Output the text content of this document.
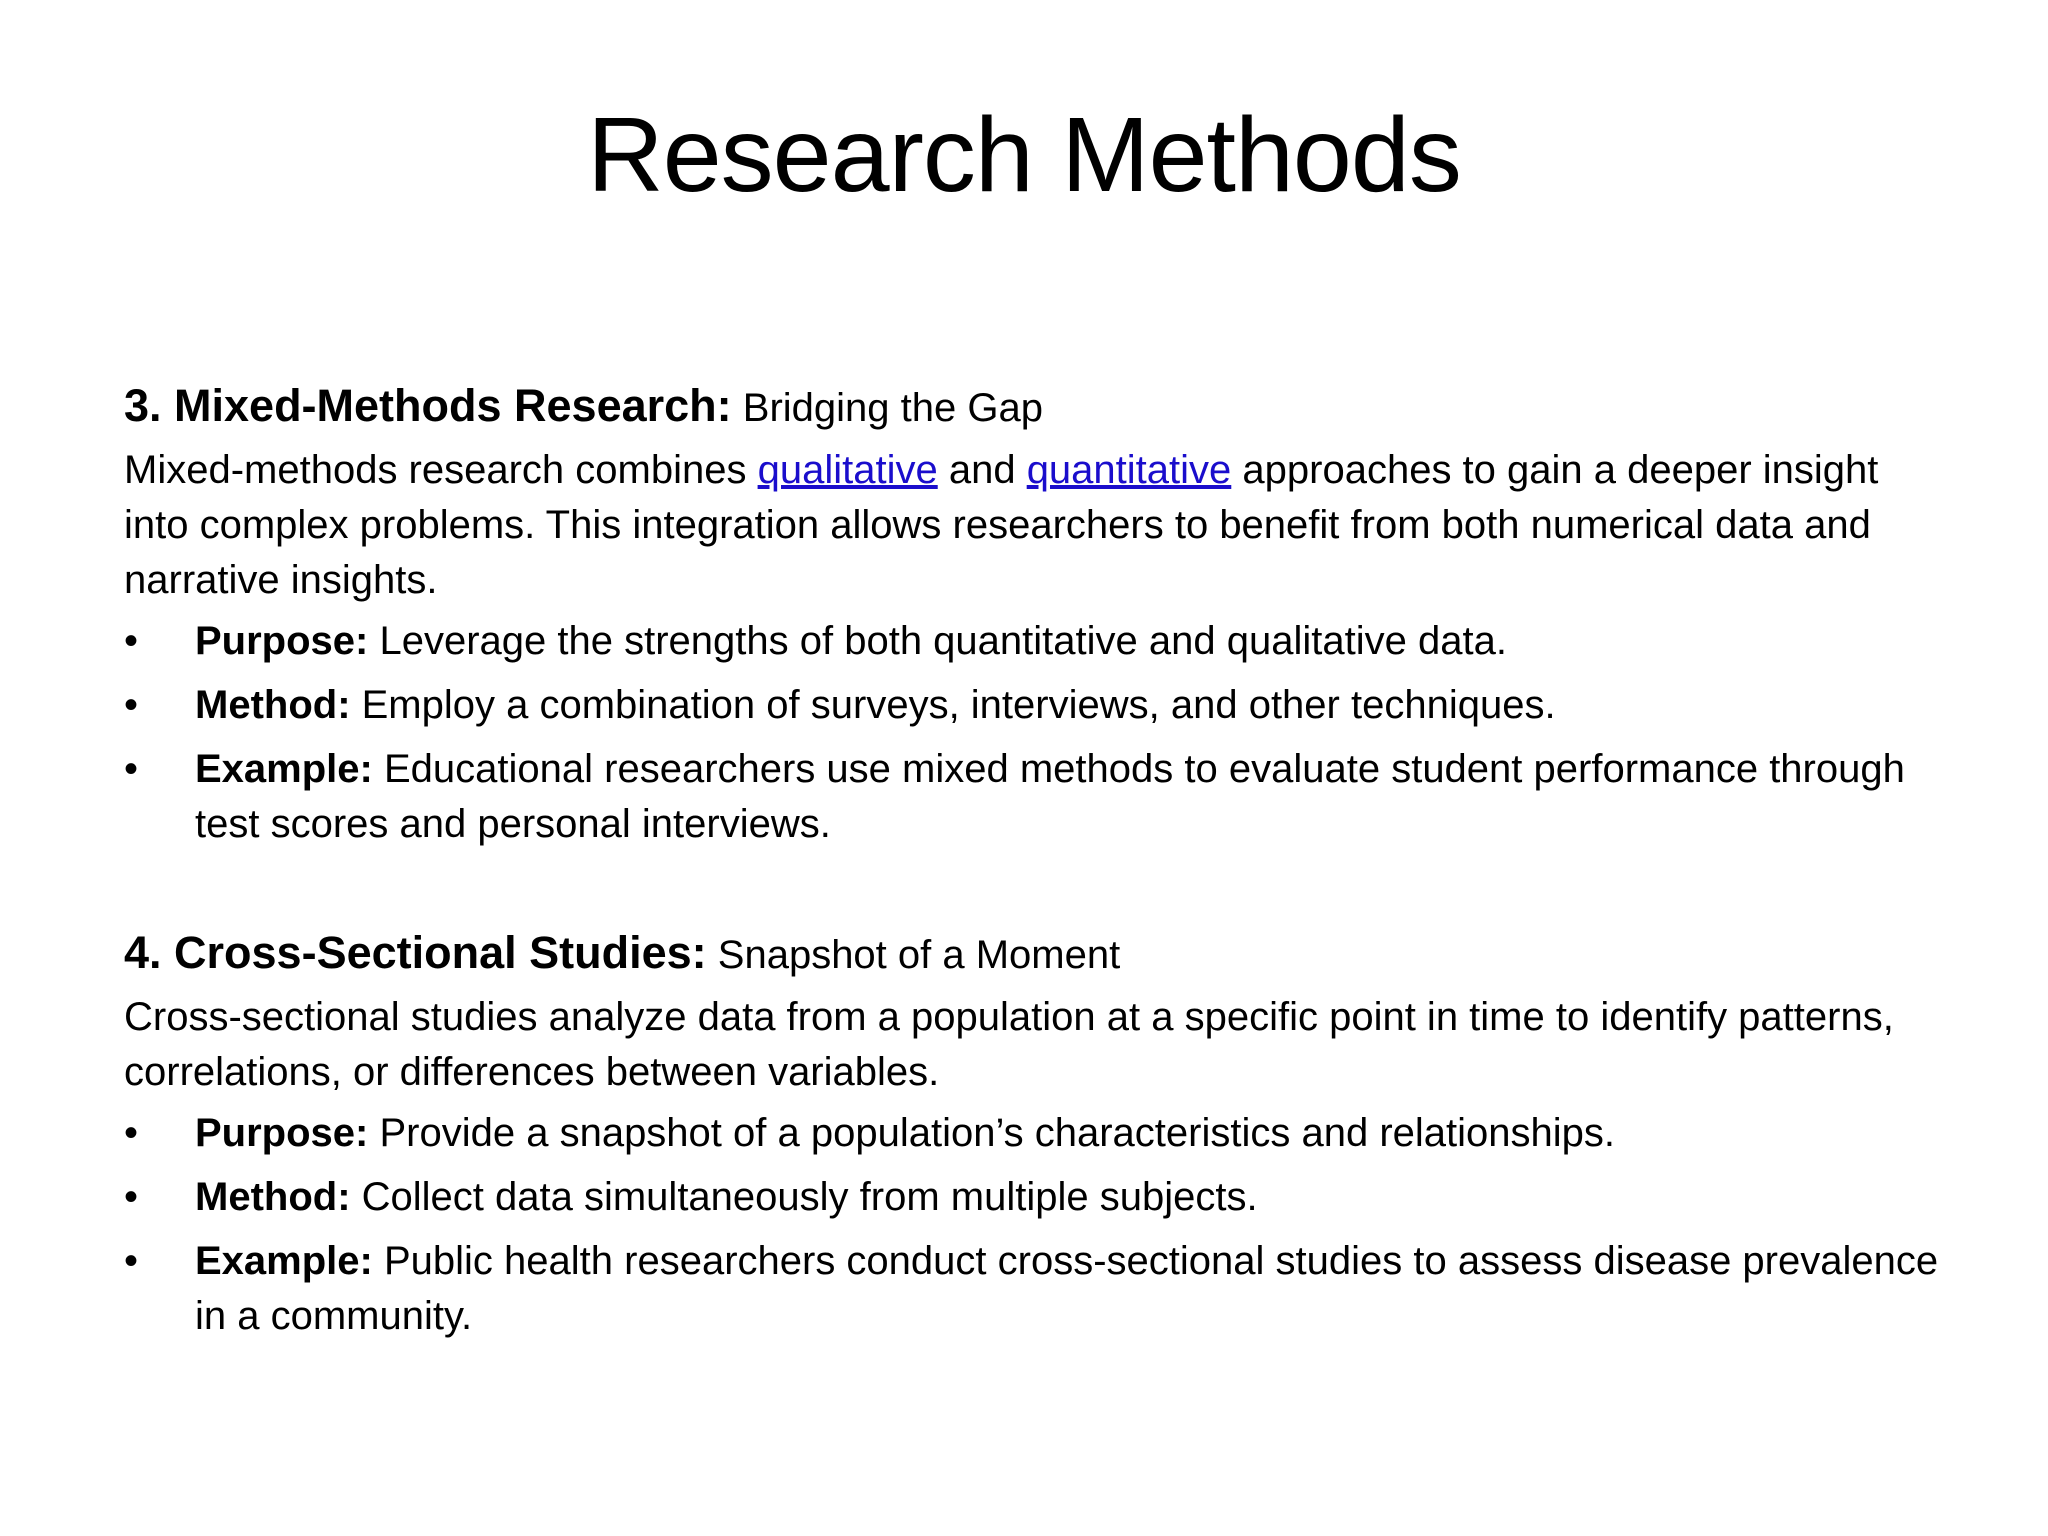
Research Methods

3. Mixed-Methods Research: Bridging the Gap

Mixed-methods research combines qualitative and quantitative approaches to gain a deeper insight into complex problems. This integration allows researchers to benefit from both numerical data and narrative insights.

•	Purpose: Leverage the strengths of both quantitative and qualitative data.
•	Method: Employ a combination of surveys, interviews, and other techniques.
•	Example: Educational researchers use mixed methods to evaluate student performance through test scores and personal interviews.

4. Cross-Sectional Studies: Snapshot of a Moment

Cross-sectional studies analyze data from a population at a specific point in time to identify patterns, correlations, or differences between variables.

•	Purpose: Provide a snapshot of a population’s characteristics and relationships.
•	Method: Collect data simultaneously from multiple subjects.
•	Example: Public health researchers conduct cross-sectional studies to assess disease prevalence in a community.
